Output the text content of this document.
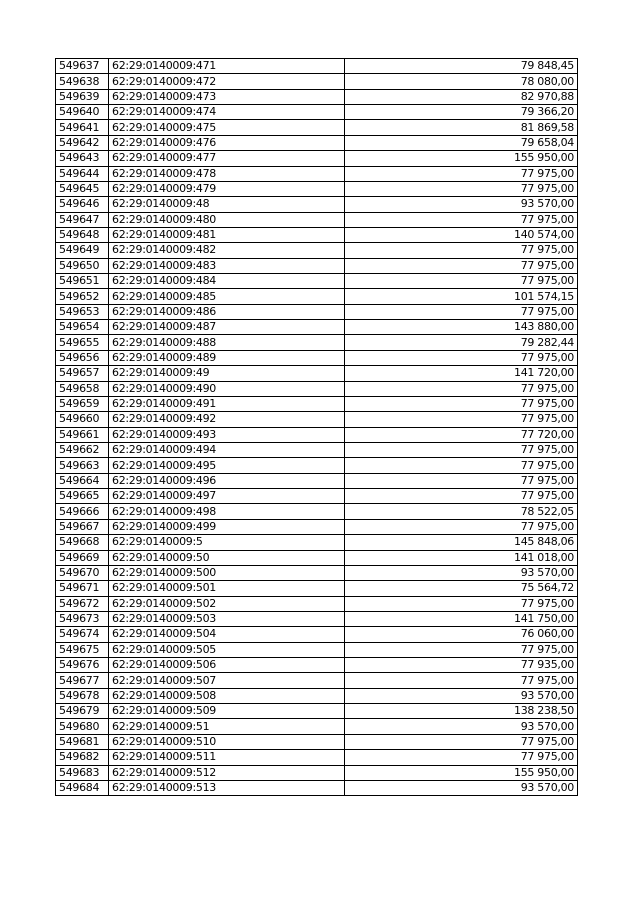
549637	62:29:0140009:471	79 848,45
549638	62:29:0140009:472	78 080,00
549639	62:29:0140009:473	82 970,88
549640	62:29:0140009:474	79 366,20
549641	62:29:0140009:475	81 869,58
549642	62:29:0140009:476	79 658,04
549643	62:29:0140009:477	155 950,00
549644	62:29:0140009:478	77 975,00
549645	62:29:0140009:479	77 975,00
549646	62:29:0140009:48	93 570,00
549647	62:29:0140009:480	77 975,00
549648	62:29:0140009:481	140 574,00
549649	62:29:0140009:482	77 975,00
549650	62:29:0140009:483	77 975,00
549651	62:29:0140009:484	77 975,00
549652	62:29:0140009:485	101 574,15
549653	62:29:0140009:486	77 975,00
549654	62:29:0140009:487	143 880,00
549655	62:29:0140009:488	79 282,44
549656	62:29:0140009:489	77 975,00
549657	62:29:0140009:49	141 720,00
549658	62:29:0140009:490	77 975,00
549659	62:29:0140009:491	77 975,00
549660	62:29:0140009:492	77 975,00
549661	62:29:0140009:493	77 720,00
549662	62:29:0140009:494	77 975,00
549663	62:29:0140009:495	77 975,00
549664	62:29:0140009:496	77 975,00
549665	62:29:0140009:497	77 975,00
549666	62:29:0140009:498	78 522,05
549667	62:29:0140009:499	77 975,00
549668	62:29:0140009:5	145 848,06
549669	62:29:0140009:50	141 018,00
549670	62:29:0140009:500	93 570,00
549671	62:29:0140009:501	75 564,72
549672	62:29:0140009:502	77 975,00
549673	62:29:0140009:503	141 750,00
549674	62:29:0140009:504	76 060,00
549675	62:29:0140009:505	77 975,00
549676	62:29:0140009:506	77 935,00
549677	62:29:0140009:507	77 975,00
549678	62:29:0140009:508	93 570,00
549679	62:29:0140009:509	138 238,50
549680	62:29:0140009:51	93 570,00
549681	62:29:0140009:510	77 975,00
549682	62:29:0140009:511	77 975,00
549683	62:29:0140009:512	155 950,00
549684	62:29:0140009:513	93 570,00
